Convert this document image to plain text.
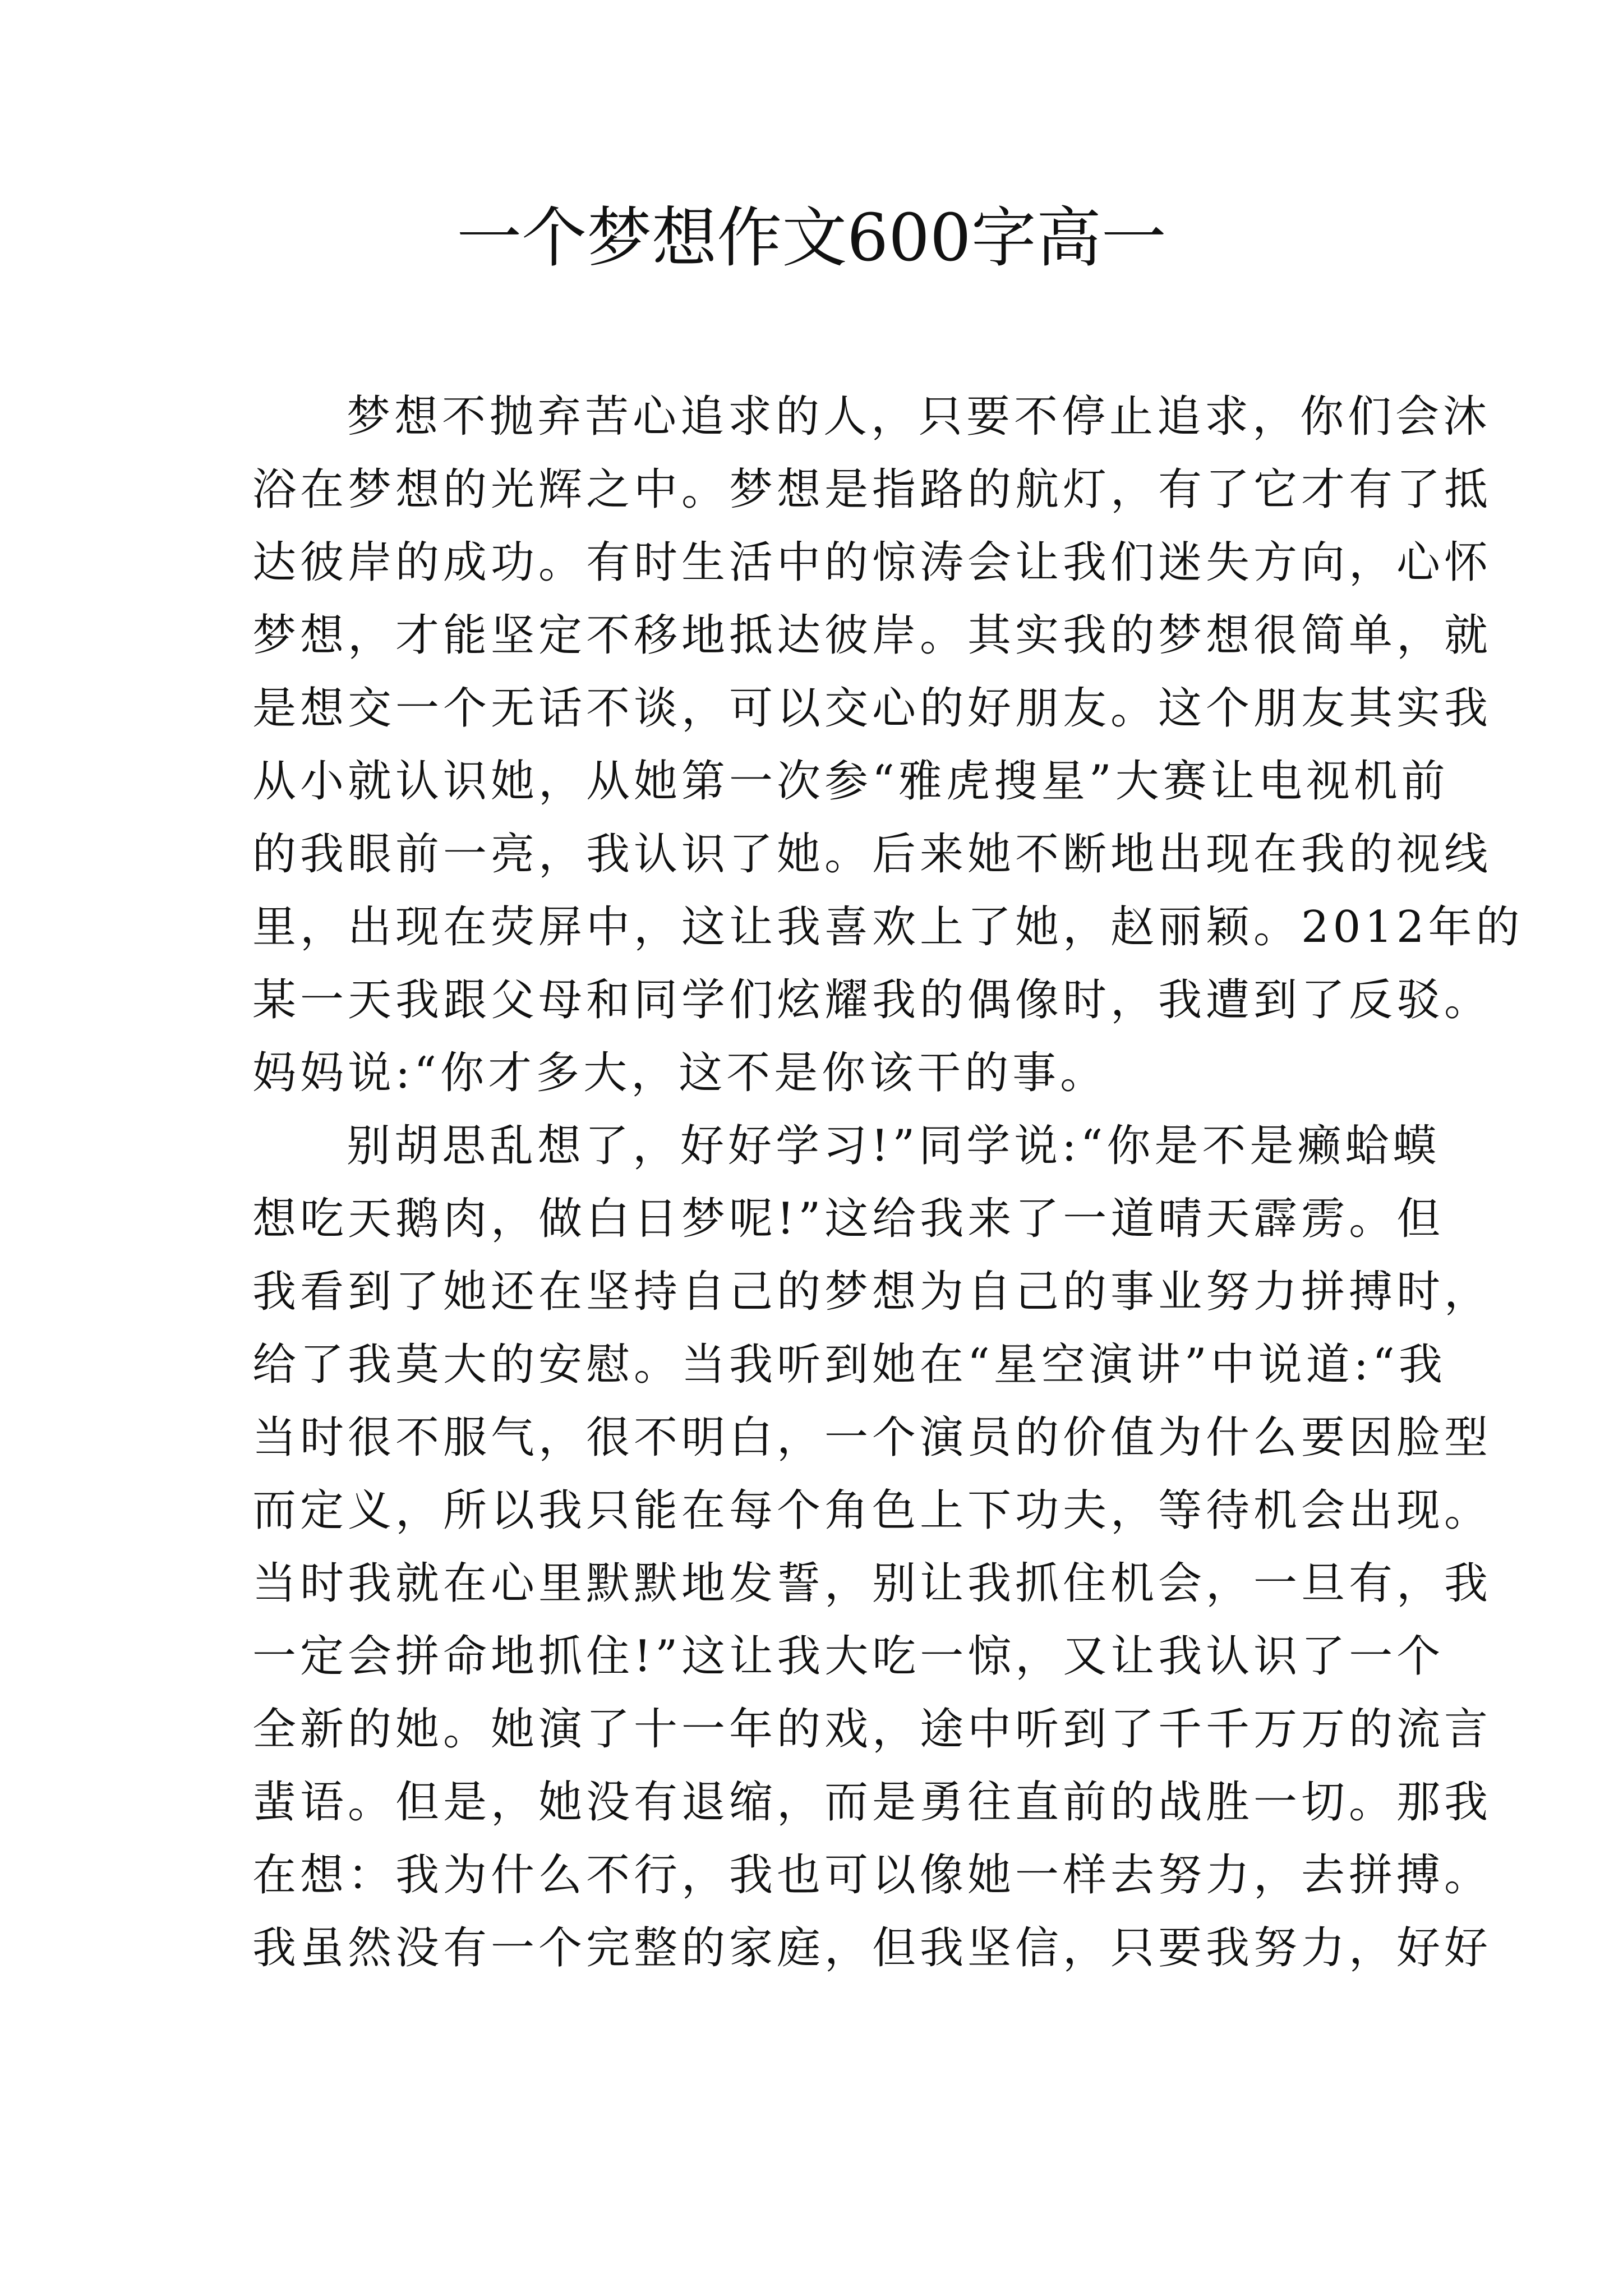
一个梦想作文600字高一
梦想不抛弃苦心追求的人，只要不停止追求，你们会沐
浴在梦想的光辉之中。梦想是指路的航灯，有了它才有了抵
达彼岸的成功。有时生活中的惊涛会让我们迷失方向，心怀
梦想，才能坚定不移地抵达彼岸。其实我的梦想很简单，就
是想交一个无话不谈，可以交心的好朋友。这个朋友其实我
从小就认识她，从她第一次参“雅虎搜星”大赛让电视机前
的我眼前一亮，我认识了她。后来她不断地出现在我的视线
里，出现在荧屏中，这让我喜欢上了她，赵丽颖。2012年的
某一天我跟父母和同学们炫耀我的偶像时，我遭到了反驳。
妈妈说:“你才多大，这不是你该干的事。
别胡思乱想了，好好学习!”同学说:“你是不是癞蛤蟆
想吃天鹅肉，做白日梦呢!”这给我来了一道晴天霹雳。但
我看到了她还在坚持自己的梦想为自己的事业努力拼搏时，
给了我莫大的安慰。当我听到她在“星空演讲”中说道:“我
当时很不服气，很不明白，一个演员的价值为什么要因脸型
而定义，所以我只能在每个角色上下功夫，等待机会出现。
当时我就在心里默默地发誓，别让我抓住机会，一旦有，我
一定会拼命地抓住!”这让我大吃一惊，又让我认识了一个
全新的她。她演了十一年的戏，途中听到了千千万万的流言
蜚语。但是，她没有退缩，而是勇往直前的战胜一切。那我
在想：我为什么不行，我也可以像她一样去努力，去拼搏。
我虽然没有一个完整的家庭，但我坚信，只要我努力，好好
